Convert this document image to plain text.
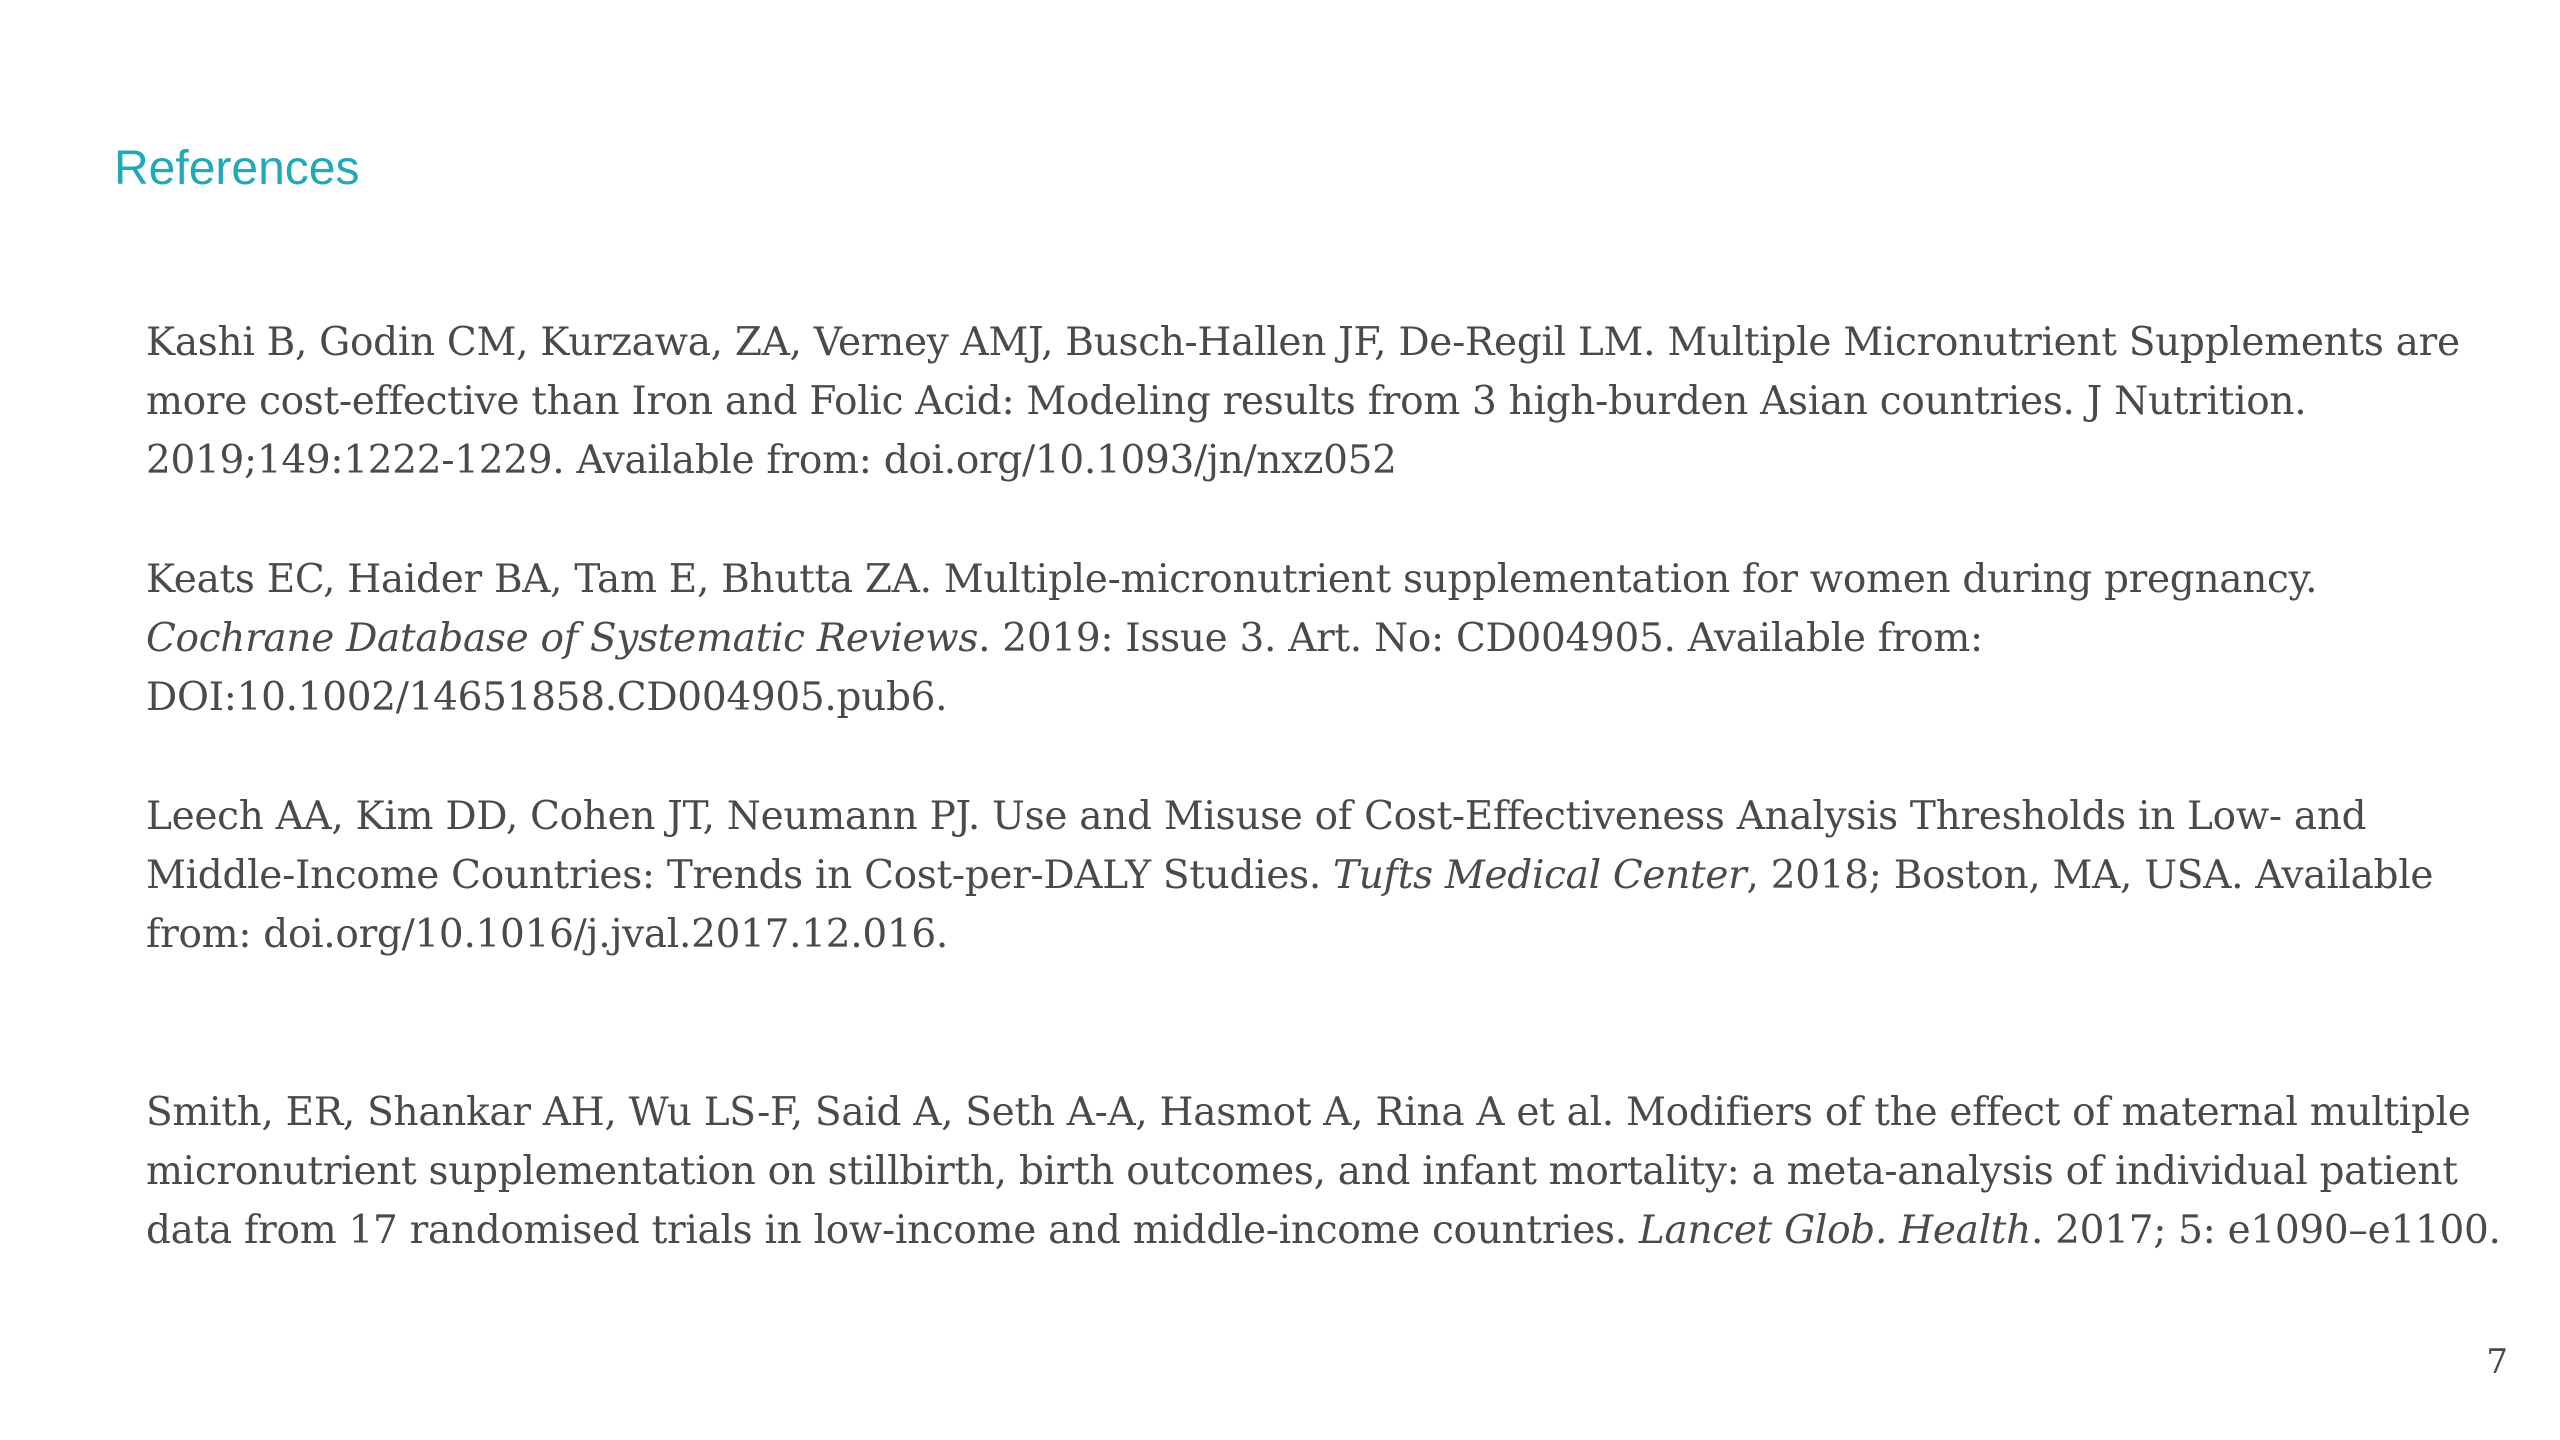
References

Kashi B, Godin CM, Kurzawa, ZA, Verney AMJ, Busch-Hallen JF, De-Regil LM. Multiple Micronutrient Supplements are more cost-effective than Iron and Folic Acid: Modeling results from 3 high-burden Asian countries. J Nutrition. 2019;149:1222-1229. Available from: doi.org/10.1093/jn/nxz052

Keats EC, Haider BA, Tam E, Bhutta ZA. Multiple-micronutrient supplementation for women during pregnancy. Cochrane Database of Systematic Reviews. 2019: Issue 3. Art. No: CD004905. Available from: DOI:10.1002/14651858.CD004905.pub6.

Leech AA, Kim DD, Cohen JT, Neumann PJ. Use and Misuse of Cost-Effectiveness Analysis Thresholds in Low- and Middle-Income Countries: Trends in Cost-per-DALY Studies. Tufts Medical Center, 2018; Boston, MA, USA. Available from: doi.org/10.1016/j.jval.2017.12.016.

Smith, ER, Shankar AH, Wu LS-F, Said A, Seth A-A, Hasmot A, Rina A et al. Modifiers of the effect of maternal multiple micronutrient supplementation on stillbirth, birth outcomes, and infant mortality: a meta-analysis of individual patient data from 17 randomised trials in low-income and middle-income countries. Lancet Glob. Health. 2017; 5: e1090–e1100.

7
